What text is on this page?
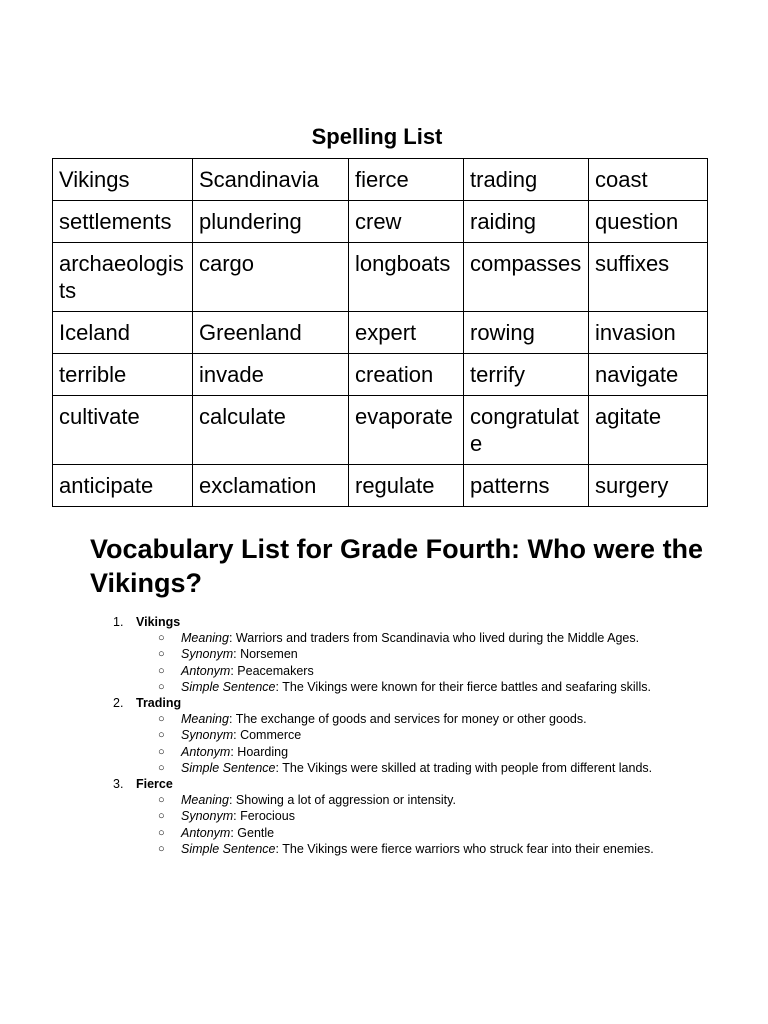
Spelling List
Vikings	Scandinavia	fierce	trading	coast
settlements	plundering	crew	raiding	question
archaeologists	cargo	longboats	compasses	suffixes
Iceland	Greenland	expert	rowing	invasion
terrible	invade	creation	terrify	navigate
cultivate	calculate	evaporate	congratulate	agitate
anticipate	exclamation	regulate	patterns	surgery
Vocabulary List for Grade Fourth: Who were the Vikings?
1. Vikings
○ Meaning: Warriors and traders from Scandinavia who lived during the Middle Ages.
○ Synonym: Norsemen
○ Antonym: Peacemakers
○ Simple Sentence: The Vikings were known for their fierce battles and seafaring skills.
2. Trading
○ Meaning: The exchange of goods and services for money or other goods.
○ Synonym: Commerce
○ Antonym: Hoarding
○ Simple Sentence: The Vikings were skilled at trading with people from different lands.
3. Fierce
○ Meaning: Showing a lot of aggression or intensity.
○ Synonym: Ferocious
○ Antonym: Gentle
○ Simple Sentence: The Vikings were fierce warriors who struck fear into their enemies.
